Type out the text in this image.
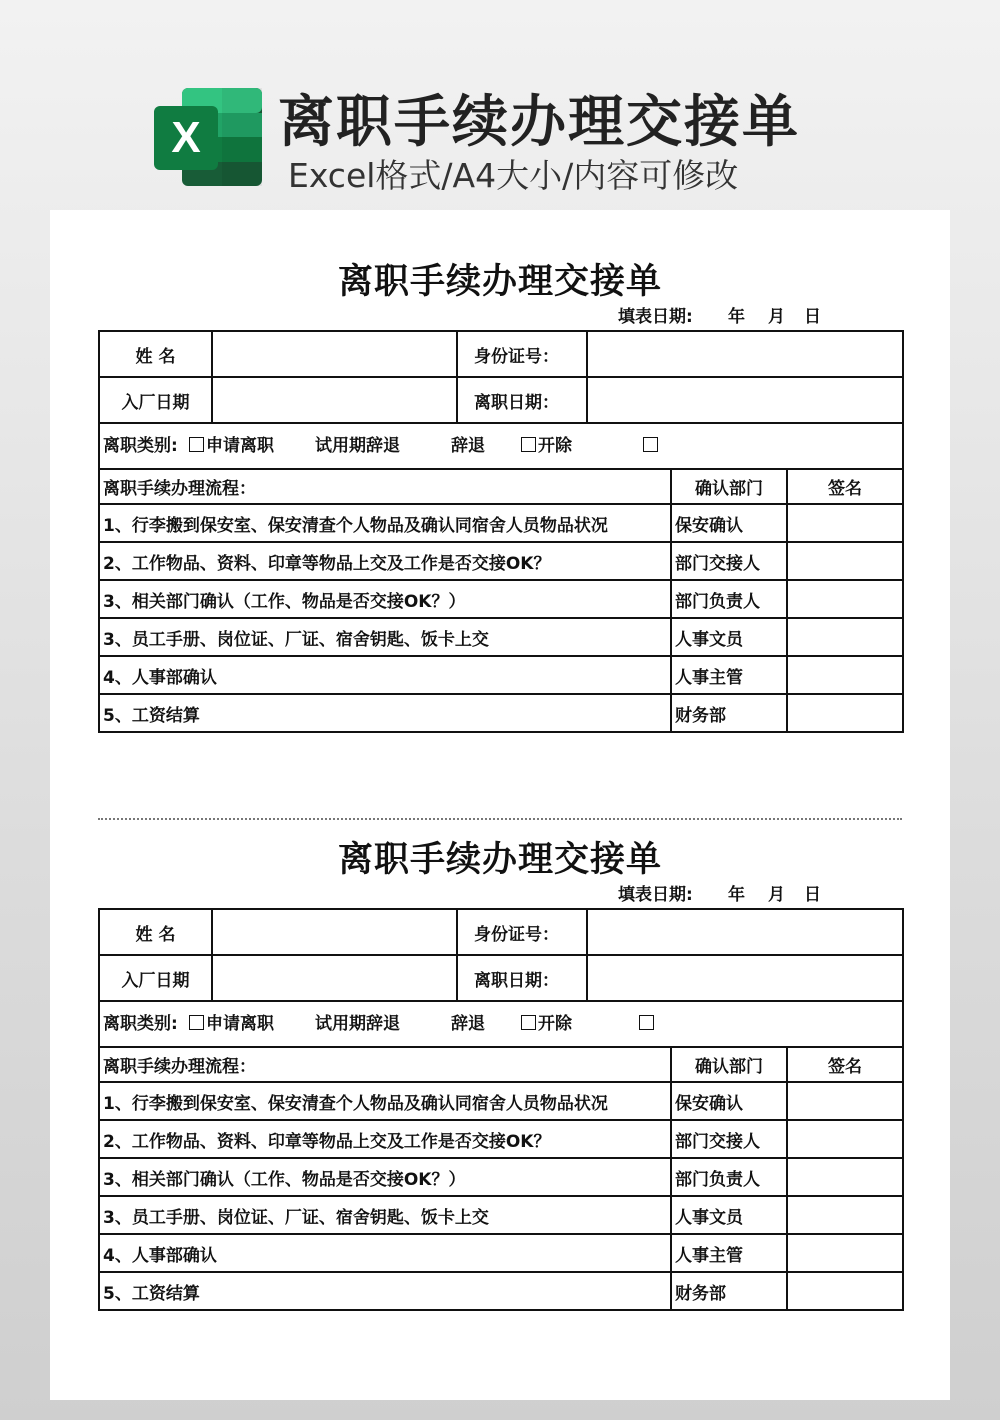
X 离职手续办理交接单
Excel格式/A4大小/内容可修改
离职手续办理交接单
填表日期: 年 月 日
姓 名		身份证号：			
入厂日期		离职日期：			

离职类别: 申请离职 试用期辞退 辞退 开除					

离职手续办理流程：				确认部门	签名
1、行李搬到保安室、保安清查个人物品及确认同宿舍人员物品状况				保安确认	
2、工作物品、资料、印章等物品上交及工作是否交接OK？				部门交接人	
3、相关部门确认（工作、物品是否交接OK？）				部门负责人	
3、员工手册、岗位证、厂证、宿舍钥匙、饭卡上交				人事文员	
4、人事部确认				人事主管	
5、工资结算				财务部	
离职手续办理交接单
填表日期: 年 月 日
姓 名		身份证号：			
入厂日期		离职日期：			

离职类别: 申请离职 试用期辞退 辞退 开除					

离职手续办理流程：				确认部门	签名
1、行李搬到保安室、保安清查个人物品及确认同宿舍人员物品状况				保安确认	
2、工作物品、资料、印章等物品上交及工作是否交接OK？				部门交接人	
3、相关部门确认（工作、物品是否交接OK？）				部门负责人	
3、员工手册、岗位证、厂证、宿舍钥匙、饭卡上交				人事文员	
4、人事部确认				人事主管	
5、工资结算				财务部	
